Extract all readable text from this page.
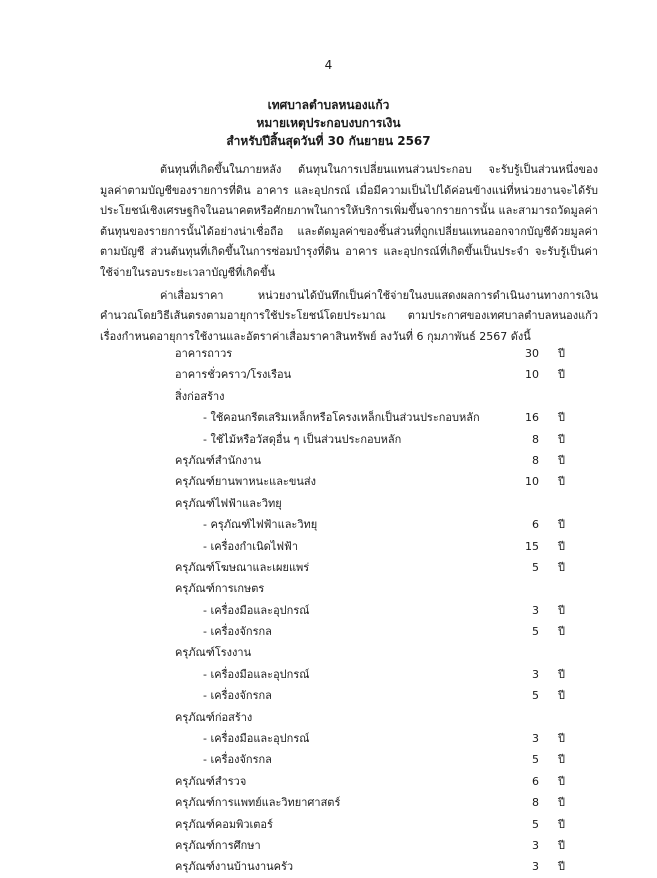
4
เทศบาลตำบลหนองแก้ว
หมายเหตุประกอบงบการเงิน
สำหรับปีสิ้นสุดวันที่ 30 กันยายน 2567

ต้นทุนที่เกิดขึ้นในภายหลัง ต้นทุนในการเปลี่ยนแทนส่วนประกอบ จะรับรู้เป็นส่วนหนึ่งของมูลค่าตามบัญชีของรายการที่ดิน อาคาร และอุปกรณ์ เมื่อมีความเป็นไปได้ค่อนข้างแน่ที่หน่วยงานจะได้รับประโยชน์เชิงเศรษฐกิจในอนาคตหรือศักยภาพในการให้บริการเพิ่มขึ้นจากรายการนั้น และสามารถวัดมูลค่าต้นทุนของรายการนั้นได้อย่างน่าเชื่อถือ และตัดมูลค่าของชิ้นส่วนที่ถูกเปลี่ยนแทนออกจากบัญชีด้วยมูลค่าตามบัญชี ส่วนต้นทุนที่เกิดขึ้นในการซ่อมบำรุงที่ดิน อาคาร และอุปกรณ์ที่เกิดขึ้นเป็นประจำ จะรับรู้เป็นค่าใช้จ่ายในรอบระยะเวลาบัญชีที่เกิดขึ้น

ค่าเสื่อมราคา หน่วยงานได้บันทึกเป็นค่าใช้จ่ายในงบแสดงผลการดำเนินงานทางการเงินคำนวณโดยวิธีเส้นตรงตามอายุการใช้ประโยชน์โดยประมาณ ตามประกาศของเทศบาลตำบลหนองแก้ว เรื่องกำหนดอายุการใช้งานและอัตราค่าเสื่อมราคาสินทรัพย์ ลงวันที่ 6 กุมภาพันธ์ 2567 ดังนี้

อาคารถาวร	30 ปี
อาคารชั่วคราว/โรงเรือน	10 ปี
สิ่งก่อสร้าง
- ใช้คอนกรีตเสริมเหล็กหรือโครงเหล็กเป็นส่วนประกอบหลัก	16 ปี
- ใช้ไม้หรือวัสดุอื่น ๆ เป็นส่วนประกอบหลัก	8 ปี
ครุภัณฑ์สำนักงาน	8 ปี
ครุภัณฑ์ยานพาหนะและขนส่ง	10 ปี
ครุภัณฑ์ไฟฟ้าและวิทยุ
- ครุภัณฑ์ไฟฟ้าและวิทยุ	6 ปี
- เครื่องกำเนิดไฟฟ้า	15 ปี
ครุภัณฑ์โฆษณาและเผยแพร่	5 ปี
ครุภัณฑ์การเกษตร
- เครื่องมือและอุปกรณ์	3 ปี
- เครื่องจักรกล	5 ปี
ครุภัณฑ์โรงงาน
- เครื่องมือและอุปกรณ์	3 ปี
- เครื่องจักรกล	5 ปี
ครุภัณฑ์ก่อสร้าง
- เครื่องมือและอุปกรณ์	3 ปี
- เครื่องจักรกล	5 ปี
ครุภัณฑ์สำรวจ	6 ปี
ครุภัณฑ์การแพทย์และวิทยาศาสตร์	8 ปี
ครุภัณฑ์คอมพิวเตอร์	5 ปี
ครุภัณฑ์การศึกษา	3 ปี
ครุภัณฑ์งานบ้านงานครัว	3 ปี
